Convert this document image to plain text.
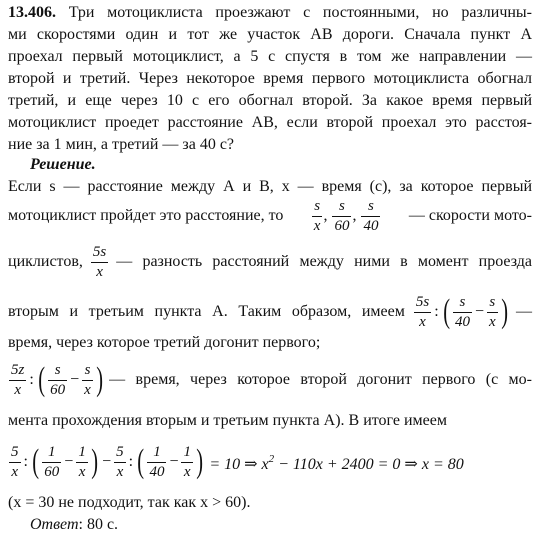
13.406. Три мотоциклиста проезжают с постоянными, но различны-
ми скоростями один и тот же участок АВ дороги. Сначала пункт А
проехал первый мотоциклист, а 5 с спустя в том же направлении —
второй и третий. Через некоторое время первого мотоциклиста обогнал
третий, и еще через 10 с его обогнал второй. За какое время первый
мотоциклист проедет расстояние АВ, если второй проехал это расстоя-
ние за 1 мин, а третий — за 40 с?
Решение.
Если s — расстояние между А и В, x — время (с), за которое первый
мотоциклист пройдет это расстояние, то $\frac{s}{x}$ , $\frac{s}{60}$ , $\frac{s}{40}$ — скорости мото-
циклистов, $\frac{5s}{x}$ — разность расстояний между ними в момент проезда
вторым и третьим пункта А. Таким образом, имеем $\frac{5s}{x}$ : ( $\frac{s}{40} - \frac{s}{x}$ ) —
время, через которое третий догонит первого;
$\frac{5z}{x}$ : ( $\frac{s}{60} - \frac{s}{x}$ ) — время, через которое второй догонит первого (с мо-
мента прохождения вторым и третьим пункта А). В итоге имеем
$\frac{5}{x}$ : ( $\frac{1}{60} - \frac{1}{x}$ ) − $\frac{5}{x}$ : ( $\frac{1}{40} - \frac{1}{x}$ ) = 10 ⇒ $x^2 - 110x + 2400 = 0$ ⇒ x = 80
(x = 30 не подходит, так как x > 60).
Ответ: 80 с.
